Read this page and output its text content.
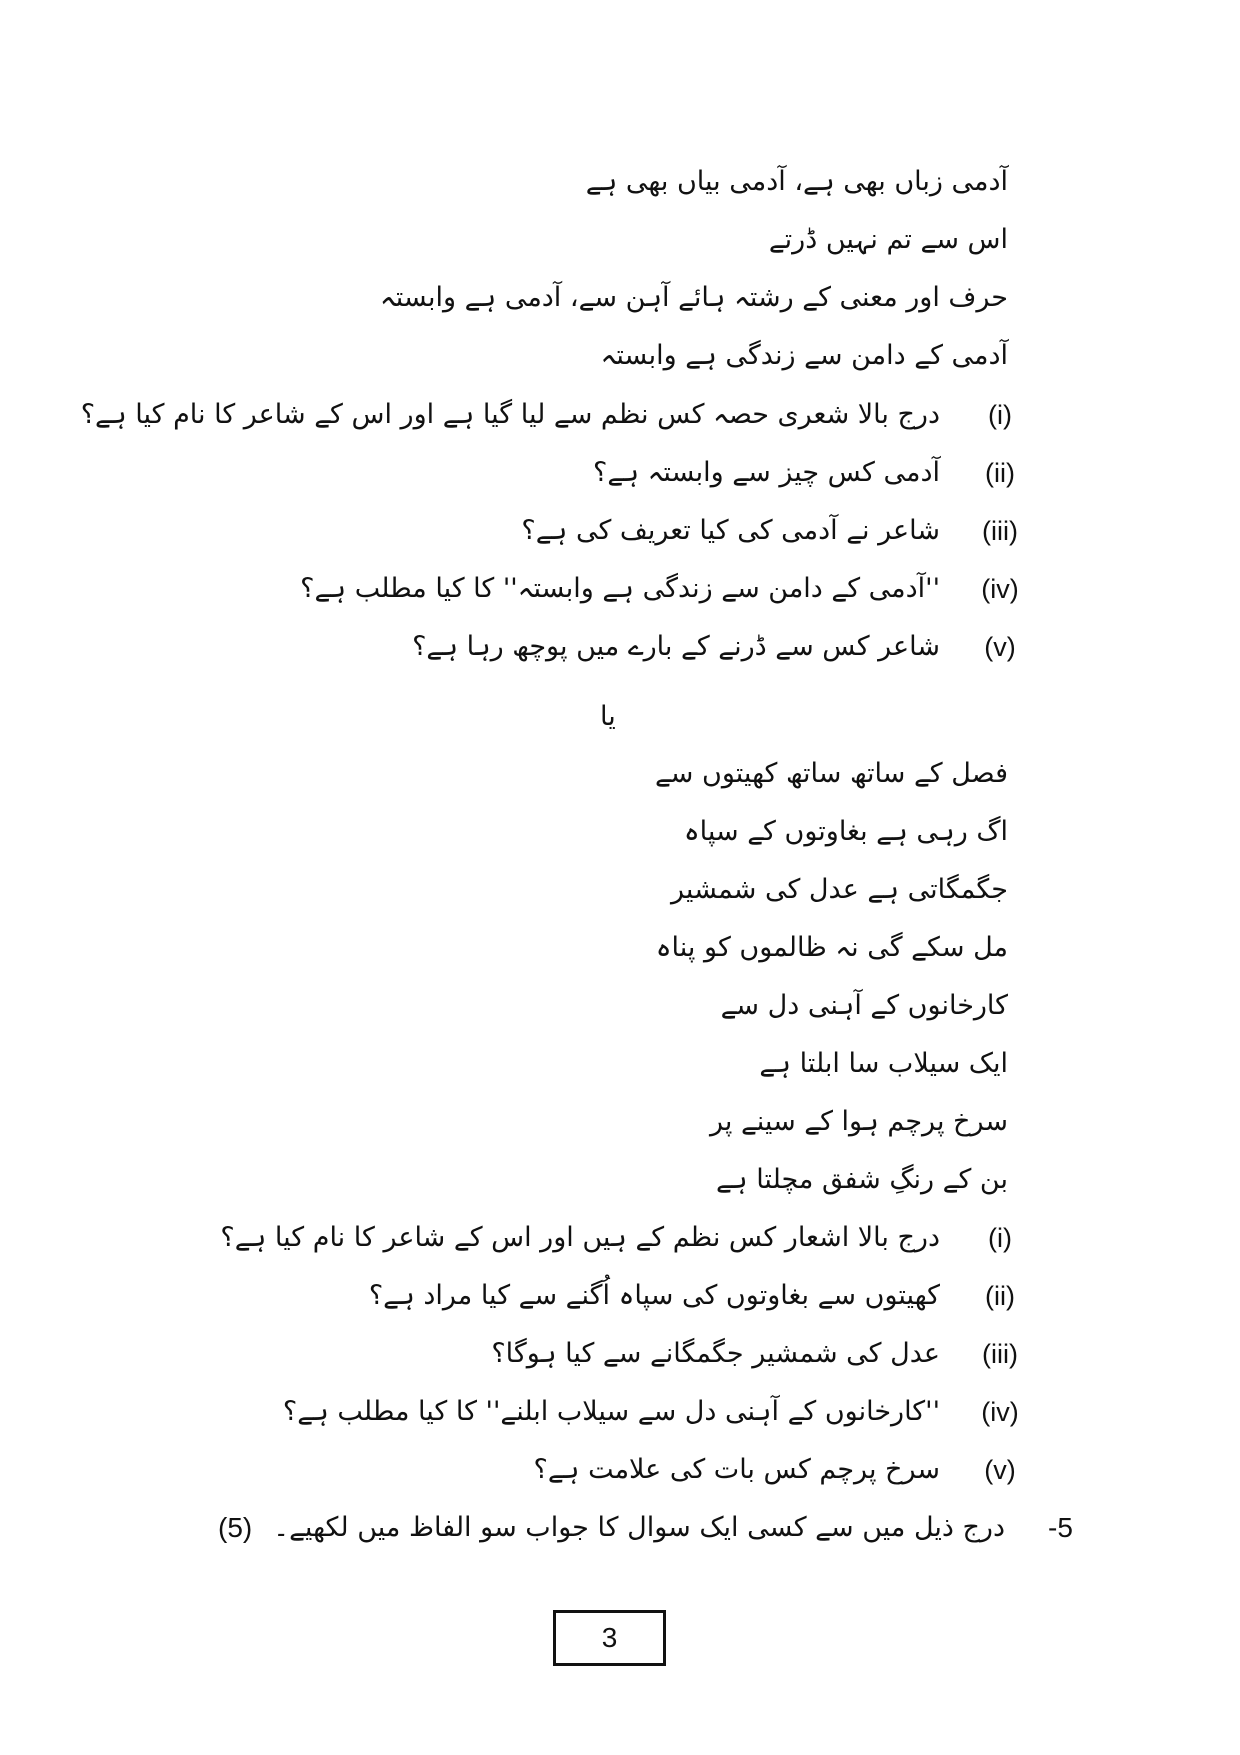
آدمی زباں بھی ہے، آدمی بیاں بھی ہے
اس سے تم نہیں ڈرتے
حرف اور معنی کے رشتہ ہائے آہن سے، آدمی ہے وابستہ
آدمی کے دامن سے زندگی ہے وابستہ
(i)
درج بالا شعری حصہ کس نظم سے لیا گیا ہے اور اس کے شاعر کا نام کیا ہے؟
(ii)
آدمی کس چیز سے وابستہ ہے؟
(iii)
شاعر نے آدمی کی کیا تعریف کی ہے؟
(iv)
''آدمی کے دامن سے زندگی ہے وابستہ'' کا کیا مطلب ہے؟
(v)
شاعر کس سے ڈرنے کے بارے میں پوچھ رہا ہے؟
یا
فصل کے ساتھ ساتھ کھیتوں سے
اگ رہی ہے بغاوتوں کے سپاہ
جگمگاتی ہے عدل کی شمشیر
مل سکے گی نہ ظالموں کو پناہ
کارخانوں کے آہنی دل سے
ایک سیلاب سا ابلتا ہے
سرخ پرچم ہوا کے سینے پر
بن کے رنگِ شفق مچلتا ہے
(i)
درج بالا اشعار کس نظم کے ہیں اور اس کے شاعر کا نام کیا ہے؟
(ii)
کھیتوں سے بغاوتوں کی سپاہ اُگنے سے کیا مراد ہے؟
(iii)
عدل کی شمشیر جگمگانے سے کیا ہوگا؟
(iv)
''کارخانوں کے آہنی دل سے سیلاب ابلنے'' کا کیا مطلب ہے؟
(v)
سرخ پرچم کس بات کی علامت ہے؟
(5) درج ذیل میں سے کسی ایک سوال کا جواب سو الفاظ میں لکھیے۔ -5
3
